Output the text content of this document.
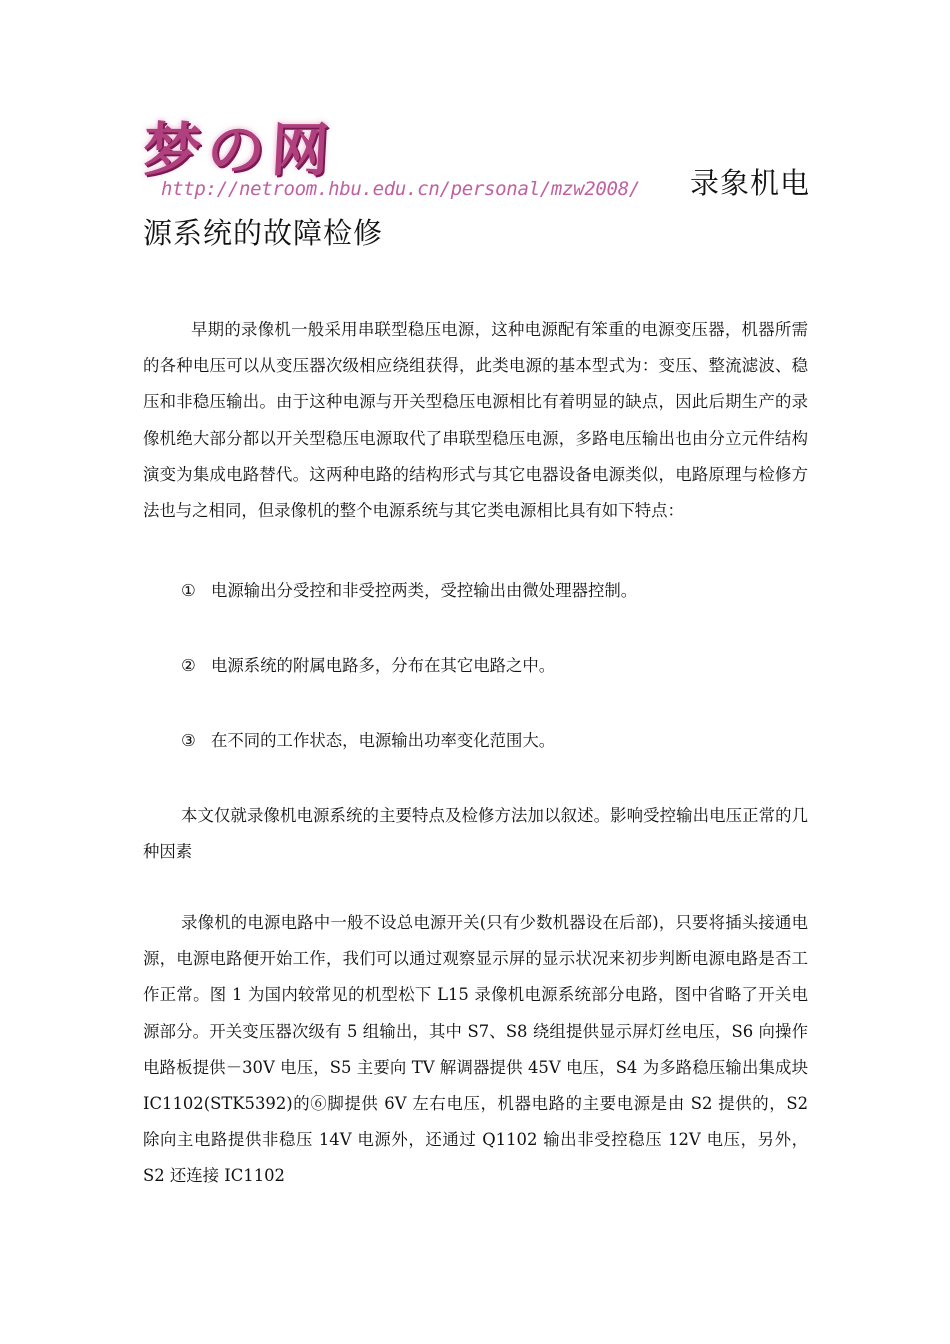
梦の网
http://netroom.hbu.edu.cn/personal/mzw2008/ 录象机电
源系统的故障检修
早期的录像机一般采用串联型稳压电源，这种电源配有笨重的电源变压器，机器所需的各种电压可以从变压器次级相应绕组获得，此类电源的基本型式为：变压、整流滤波、稳压和非稳压输出。由于这种电源与开关型稳压电源相比有着明显的缺点，因此后期生产的录像机绝大部分都以开关型稳压电源取代了串联型稳压电源，多路电压输出也由分立元件结构演变为集成电路替代。这两种电路的结构形式与其它电器设备电源类似，电路原理与检修方法也与之相同，但录像机的整个电源系统与其它类电源相比具有如下特点：
① 电源输出分受控和非受控两类，受控输出由微处理器控制。
② 电源系统的附属电路多，分布在其它电路之中。
③ 在不同的工作状态，电源输出功率变化范围大。
本文仅就录像机电源系统的主要特点及检修方法加以叙述。影响受控输出电压正常的几种因素
录像机的电源电路中一般不设总电源开关(只有少数机器设在后部)，只要将插头接通电源，电源电路便开始工作，我们可以通过观察显示屏的显示状况来初步判断电源电路是否工作正常。图 1 为国内较常见的机型松下 L15 录像机电源系统部分电路，图中省略了开关电源部分。开关变压器次级有 5 组输出，其中 S7、S8 绕组提供显示屏灯丝电压，S6 向操作电路板提供－30V 电压，S5 主要向 TV 解调器提供 45V 电压，S4 为多路稳压输出集成块 IC1102(STK5392)的⑥脚提供 6V 左右电压，机器电路的主要电源是由 S2 提供的，S2 除向主电路提供非稳压 14V 电源外，还通过 Q1102 输出非受控稳压 12V 电压，另外，S2 还连接 IC1102
